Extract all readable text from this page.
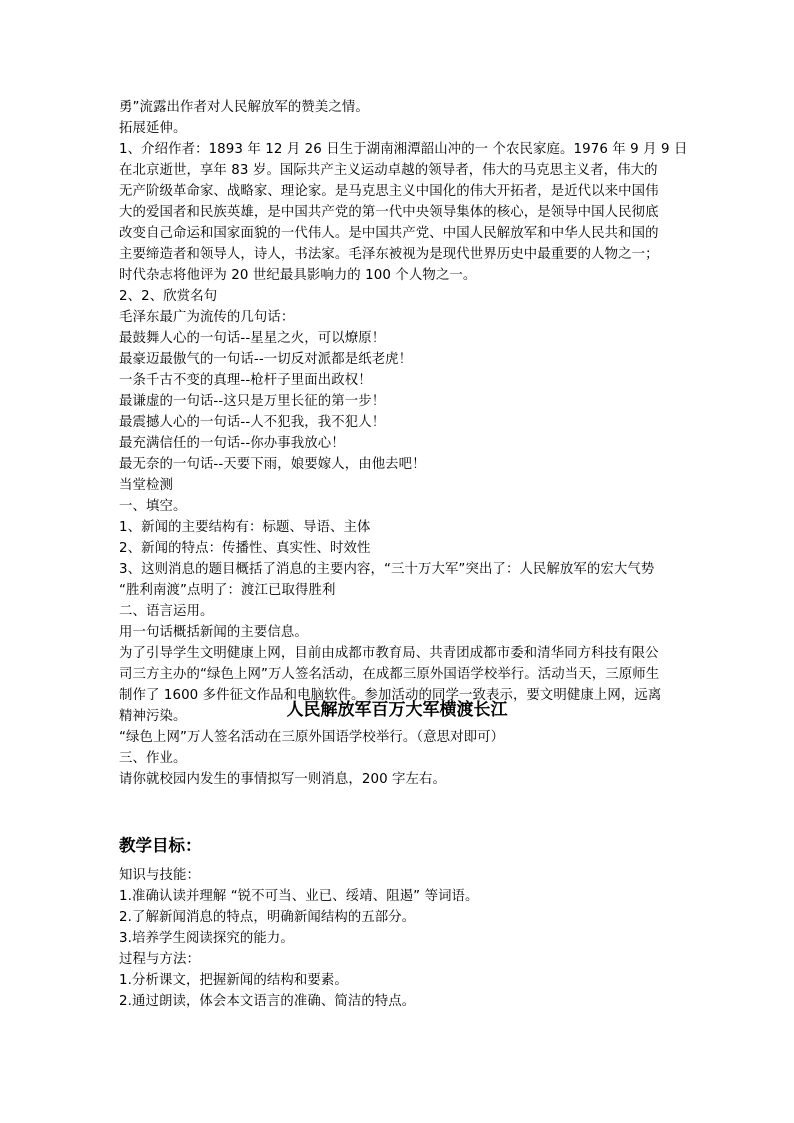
勇”流露出作者对人民解放军的赞美之情。
拓展延伸。
1、介绍作者：1893 年 12 月 26 日生于湖南湘潭韶山冲的一 个农民家庭。1976 年 9 月 9 日
在北京逝世，享年 83 岁。国际共产主义运动卓越的领导者，伟大的马克思主义者，伟大的
无产阶级革命家、战略家、理论家。是马克思主义中国化的伟大开拓者，是近代以来中国伟
大的爱国者和民族英雄，是中国共产党的第一代中央领导集体的核心，是领导中国人民彻底
改变自己命运和国家面貌的一代伟人。是中国共产党、中国人民解放军和中华人民共和国的
主要缔造者和领导人，诗人，书法家。毛泽东被视为是现代世界历史中最重要的人物之一；
时代杂志将他评为 20 世纪最具影响力的 100 个人物之一。
2、2、欣赏名句
毛泽东最广为流传的几句话：
最鼓舞人心的一句话--星星之火，可以燎原！
最豪迈最傲气的一句话--一切反对派都是纸老虎！
一条千古不变的真理--枪杆子里面出政权！
最谦虚的一句话--这只是万里长征的第一步！
最震撼人心的一句话--人不犯我，我不犯人！
最充满信任的一句话--你办事我放心！
最无奈的一句话--天要下雨，娘要嫁人，由他去吧！
当堂检测
一、填空。
1、新闻的主要结构有：标题、导语、主体
2、新闻的特点：传播性、真实性、时效性
3、这则消息的题目概括了消息的主要内容，“三十万大军”突出了：人民解放军的宏大气势
“胜利南渡”点明了：渡江已取得胜利
二、语言运用。
用一句话概括新闻的主要信息。
为了引导学生文明健康上网，目前由成都市教育局、共青团成都市委和清华同方科技有限公
司三方主办的“绿色上网”万人签名活动，在成都三原外国语学校举行。活动当天，三原师生
制作了 1600 多件征文作品和电脑软件。参加活动的同学一致表示，要文明健康上网，远离
精神污染。
“绿色上网”万人签名活动在三原外国语学校举行。（意思对即可）
三、作业。
请你就校园内发生的事情拟写一则消息，200 字左右。
人民解放军百万大军横渡长江
教学目标：
知识与技能：
1.准确认读并理解 “锐不可当、业已、绥靖、阻遏” 等词语。
2.了解新闻消息的特点，明确新闻结构的五部分。
3.培养学生阅读探究的能力。
过程与方法：
1.分析课文，把握新闻的结构和要素。
2.通过朗读，体会本文语言的准确、简洁的特点。
